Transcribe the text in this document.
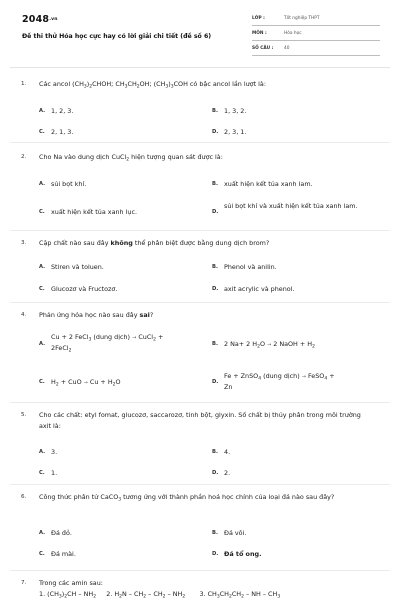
$2048^{.vn}$
Đề thi thử Hóa học cực hay có lời giải chi tiết (đề số 6)
LỚP :	Tốt nghiệp THPT
MÔN :	Hóa học
SỐ CÂU : 40
1. Các ancol $(CH_3)_2CHOH$; $CH_3CH_2OH$; $(CH_3)_3COH$ có bậc ancol lần lượt là:
A. 1, 2, 3.	B. 1, 3, 2.
C. 2, 1, 3.	D. 2, 3, 1.
2. Cho Na vào dung dịch CuCl$_2$ hiện tượng quan sát được là:
A. sủi bọt khí.	B. xuất hiện kết tủa xanh lam.
C. xuất hiện kết tủa xanh lục.	D.
sủi bọt khí và xuất hiện kết tủa xanh lam.
3. Cặp chất nào sau đây không thể phân biệt được bằng dung dịch brom?
A. Stiren và toluen.	B. Phenol và anilin.
C. Glucozơ và Fructozơ.	D. axit acrylic và phenol.
4. Phản ứng hóa học nào sau đây sai?
A.
Cu + 2 FeCl$_3$ (dung dịch) → CuCl$_2$ +
2FeCl$_2$
B. 2 Na+ 2 $H_2O \to 2$ NaOH + $H_2$
C. $H_2$ + CuO → $Cu + H_2O$	D.
Fe + ZnSO$_4$ (dung dịch) → FeSO$_4$ +
Zn
5. Cho các chất: etyl fomat, glucozơ, saccarozơ, tinh bột, glyxin. Số chất bị thủy phân trong môi trường axit là:
A. 3.	B. 4.
C. 1.	D. 2.
6. Công thức phân tử CaCO$_3$ tương ứng với thành phần hoá học chính của loại đá nào sau đây?
A. Đá đỏ.	B. Đá vôi.
C. Đá mài.	D. Đá tổ ong.
7. Trong các amin sau:
1. $(CH_3)_2CH - NH_2$     2. $H_2N - CH_2 - CH_2 - NH_2$       3. $CH_3CH_2CH_2$ – NH – $CH_3$
